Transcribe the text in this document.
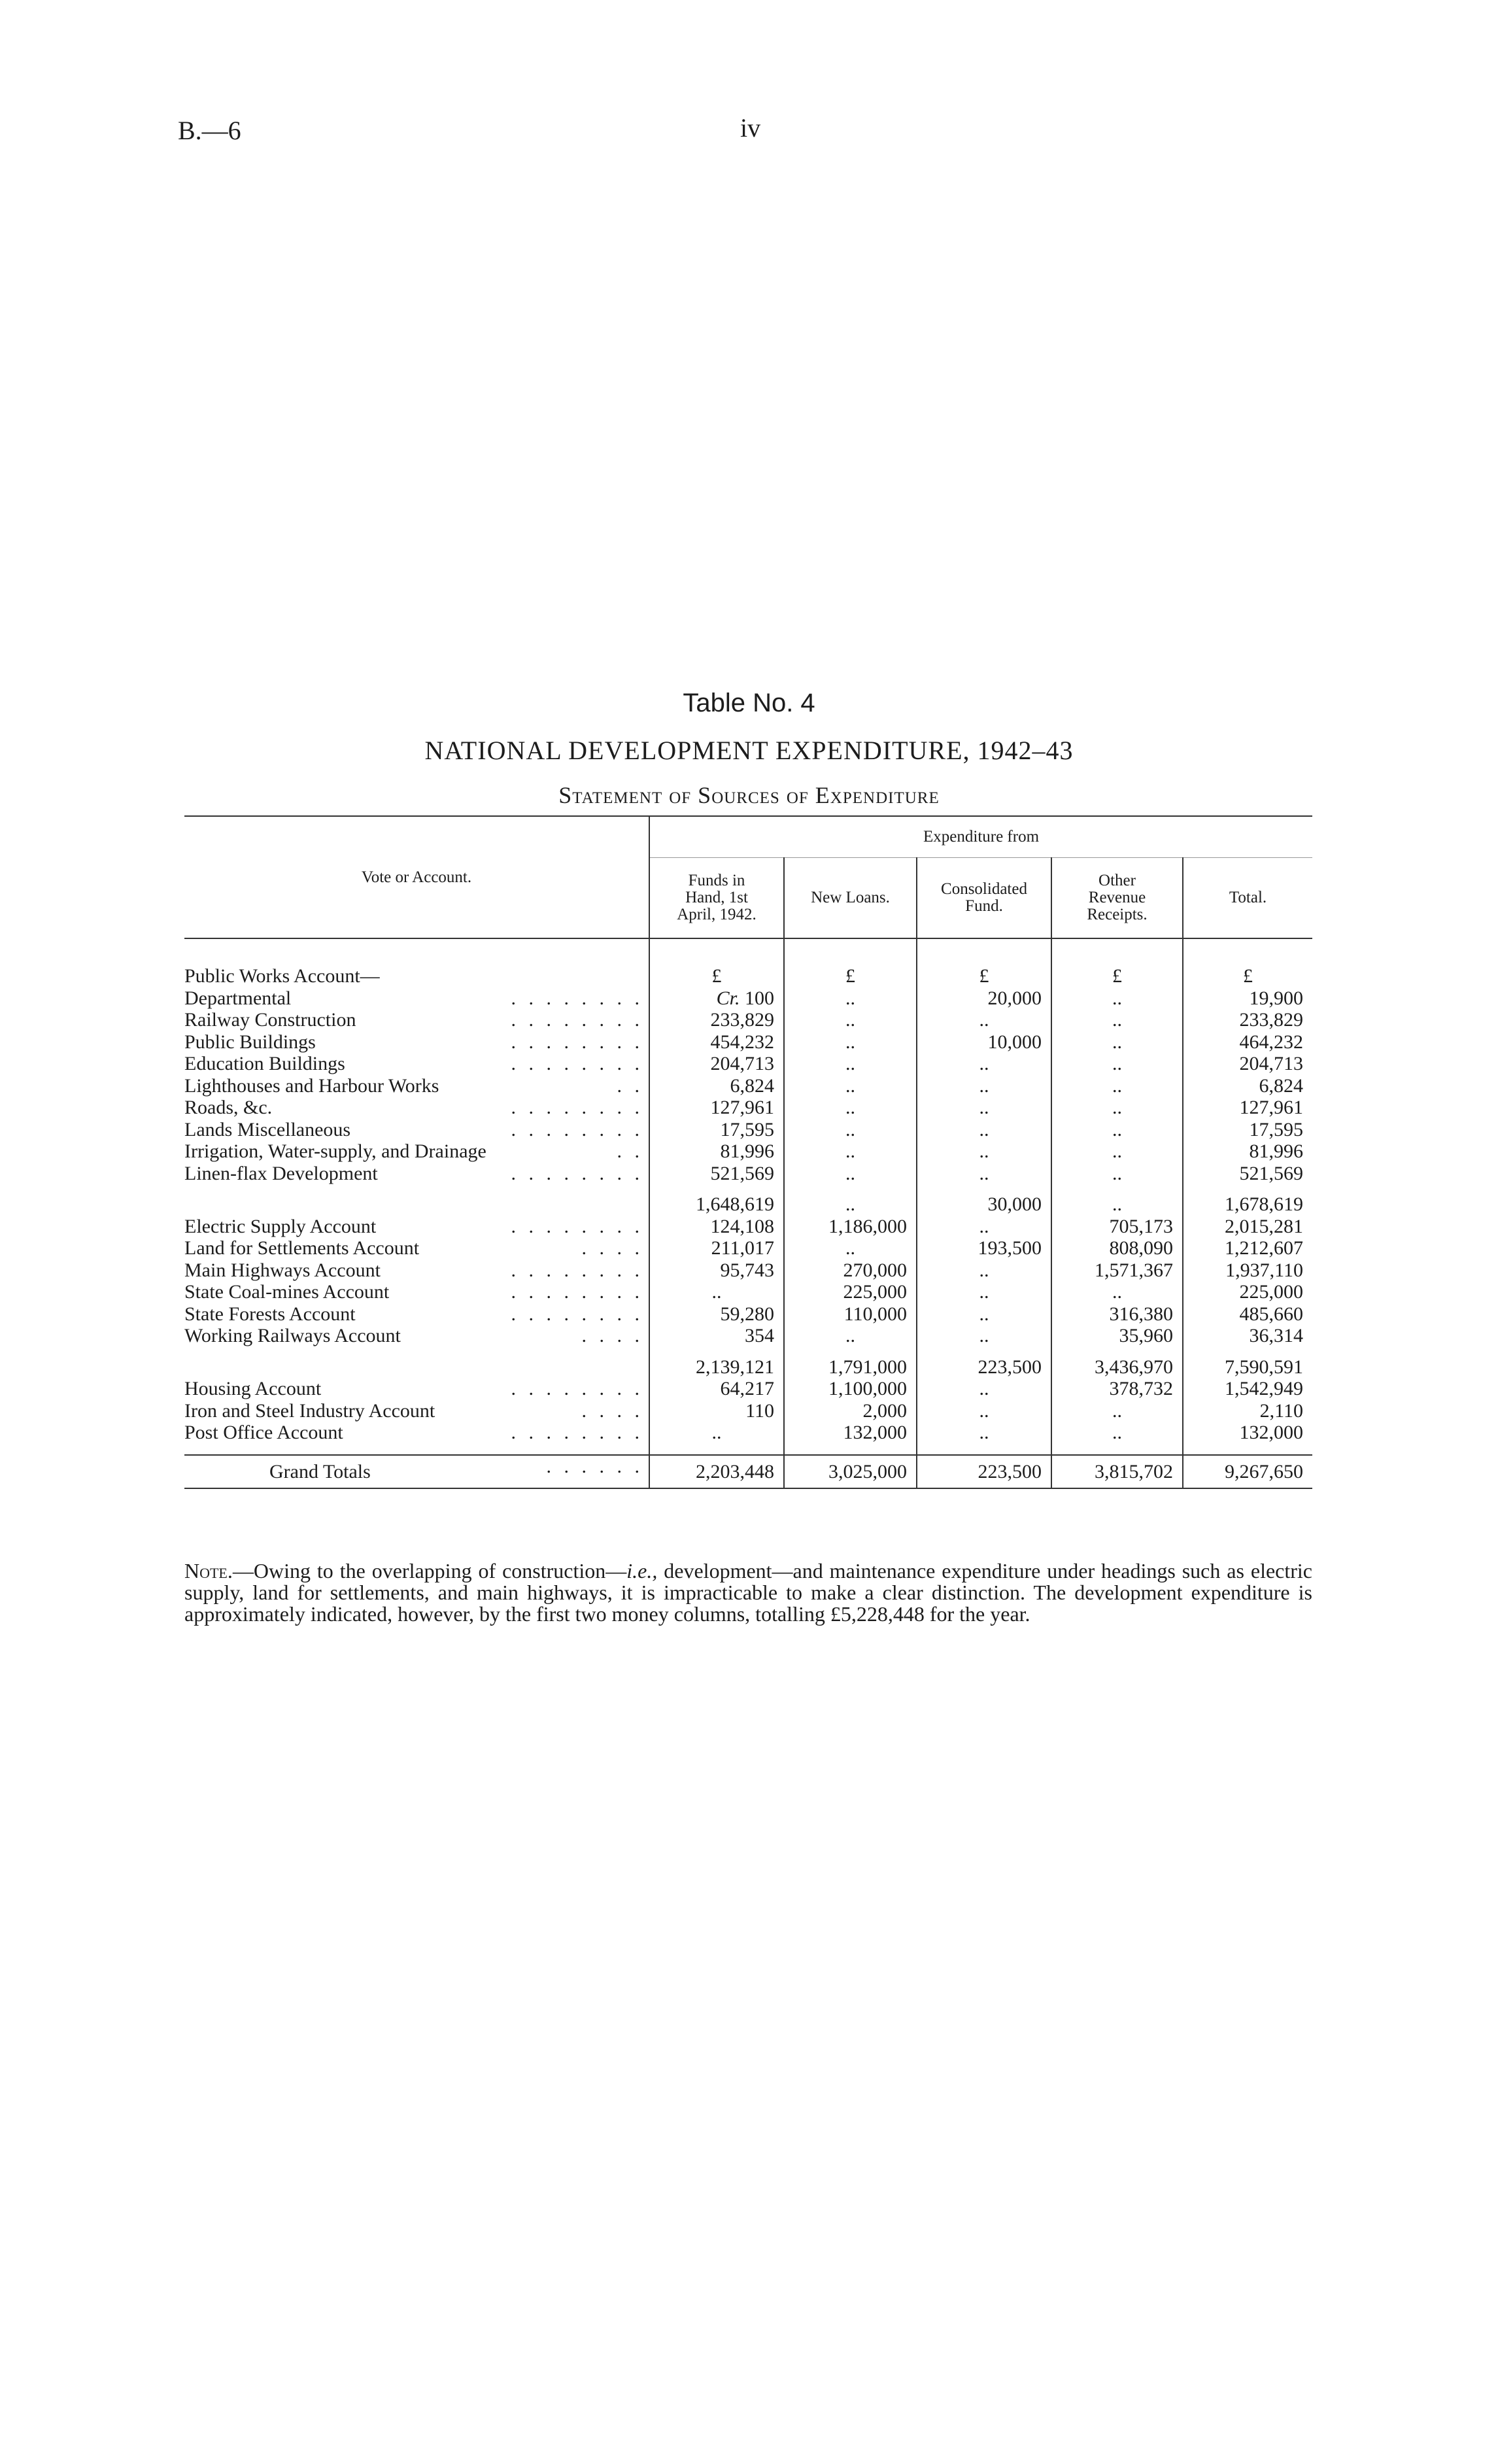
B.—6	iv
Table No. 4
NATIONAL DEVELOPMENT EXPENDITURE, 1942–43
Statement of Sources of Expenditure
Vote or Account.	Expenditure from				
	Funds in Hand, 1st April, 1942.	New Loans.	Consolidated Fund.	Other Revenue Receipts.	Total.

Public Works Account—	£	£	£	£	£
Departmental . . . . . . . .	Cr. 100	..	20,000	..	19,900
Railway Construction . . . . . . . .	233,829	..	..	..	233,829
Public Buildings . . . . . . . .	454,232	..	10,000	..	464,232
Education Buildings . . . . . . . .	204,713	..	..	..	204,713
Lighthouses and Harbour Works . .	6,824	..	..	..	6,824
Roads, &c. . . . . . . . .	127,961	..	..	..	127,961
Lands Miscellaneous . . . . . . . .	17,595	..	..	..	17,595
Irrigation, Water-supply, and Drainage . .	81,996	..	..	..	81,996
Linen-flax Development . . . . . . . .	521,569	..	..	..	521,569
	1,648,619	..	30,000	..	1,678,619
Electric Supply Account . . . . . . . .	124,108	1,186,000	..	705,173	2,015,281
Land for Settlements Account . . . .	211,017	..	193,500	808,090	1,212,607
Main Highways Account . . . . . . . .	95,743	270,000	..	1,571,367	1,937,110
State Coal-mines Account . . . . . . . .	..	225,000	..	..	225,000
State Forests Account . . . . . . . .	59,280	110,000	..	316,380	485,660
Working Railways Account . . . .	354	..	..	35,960	36,314
	2,139,121	1,791,000	223,500	3,436,970	7,590,591
Housing Account . . . . . . . .	64,217	1,100,000	..	378,732	1,542,949
Iron and Steel Industry Account . . . .	110	2,000	..	..	2,110
Post Office Account . . . . . . . .	..	132,000	..	..	132,000

Grand Totals . . . . . .	2,203,448	3,025,000	223,500	3,815,702	9,267,650
Note.—Owing to the overlapping of construction—i.e., development—and maintenance expenditure under headings such as electric supply, land for settlements, and main highways, it is impracticable to make a clear distinction. The development expenditure is approximately indicated, however, by the first two money columns, totalling £5,228,448 for the year.
